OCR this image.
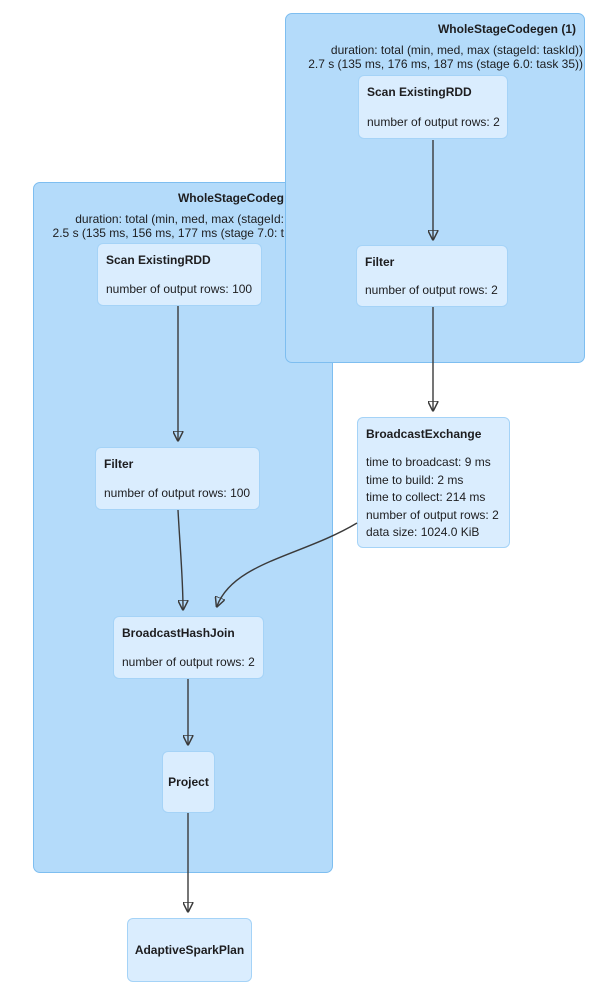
WholeStageCodeg
duration: total (min, med, max (stageId:
2.5 s (135 ms, 156 ms, 177 ms (stage 7.0: t
WholeStageCodegen (1)
duration: total (min, med, max (stageId: taskId))
2.7 s (135 ms, 176 ms, 187 ms (stage 6.0: task 35))
Scan ExistingRDD
number of output rows: 2
Filter
number of output rows: 2
Scan ExistingRDD
number of output rows: 100
Filter
number of output rows: 100
BroadcastExchange
time to broadcast: 9 ms
time to build: 2 ms
time to collect: 214 ms
number of output rows: 2
data size: 1024.0 KiB
BroadcastHashJoin
number of output rows: 2
Project
AdaptiveSparkPlan
